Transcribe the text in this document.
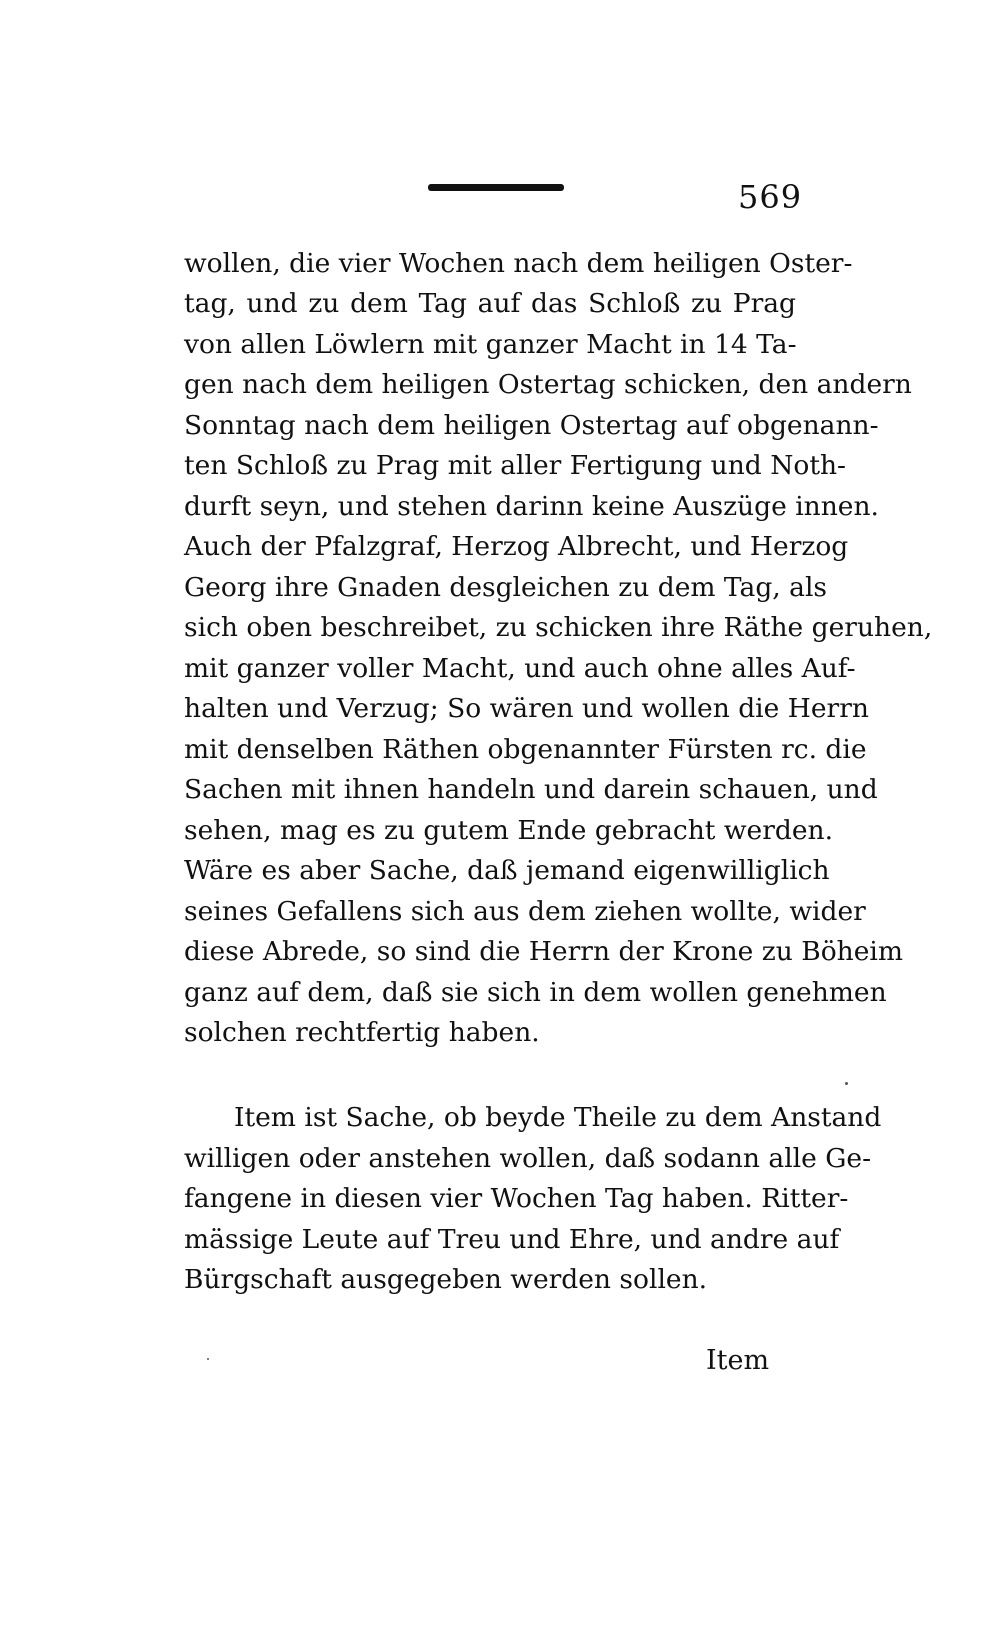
569
wollen, die vier Wochen nach dem heiligen Oster-
tag, und zu dem Tag auf das Schloß zu Prag
von allen Löwlern mit ganzer Macht in 14 Ta-
gen nach dem heiligen Ostertag schicken, den andern
Sonntag nach dem heiligen Ostertag auf obgenann-
ten Schloß zu Prag mit aller Fertigung und Noth-
durft seyn, und stehen darinn keine Auszüge innen.
Auch der Pfalzgraf, Herzog Albrecht, und Herzog
Georg ihre Gnaden desgleichen zu dem Tag, als
sich oben beschreibet, zu schicken ihre Räthe geruhen,
mit ganzer voller Macht, und auch ohne alles Auf-
halten und Verzug; So wären und wollen die Herrn
mit denselben Räthen obgenannter Fürsten rc. die
Sachen mit ihnen handeln und darein schauen, und
sehen, mag es zu gutem Ende gebracht werden.
Wäre es aber Sache, daß jemand eigenwilliglich
seines Gefallens sich aus dem ziehen wollte, wider
diese Abrede, so sind die Herrn der Krone zu Böheim
ganz auf dem, daß sie sich in dem wollen genehmen
solchen rechtfertig haben.
Item ist Sache, ob beyde Theile zu dem Anstand
willigen oder anstehen wollen, daß sodann alle Ge-
fangene in diesen vier Wochen Tag haben. Ritter-
mässige Leute auf Treu und Ehre, und andre auf
Bürgschaft ausgegeben werden sollen.
Item
